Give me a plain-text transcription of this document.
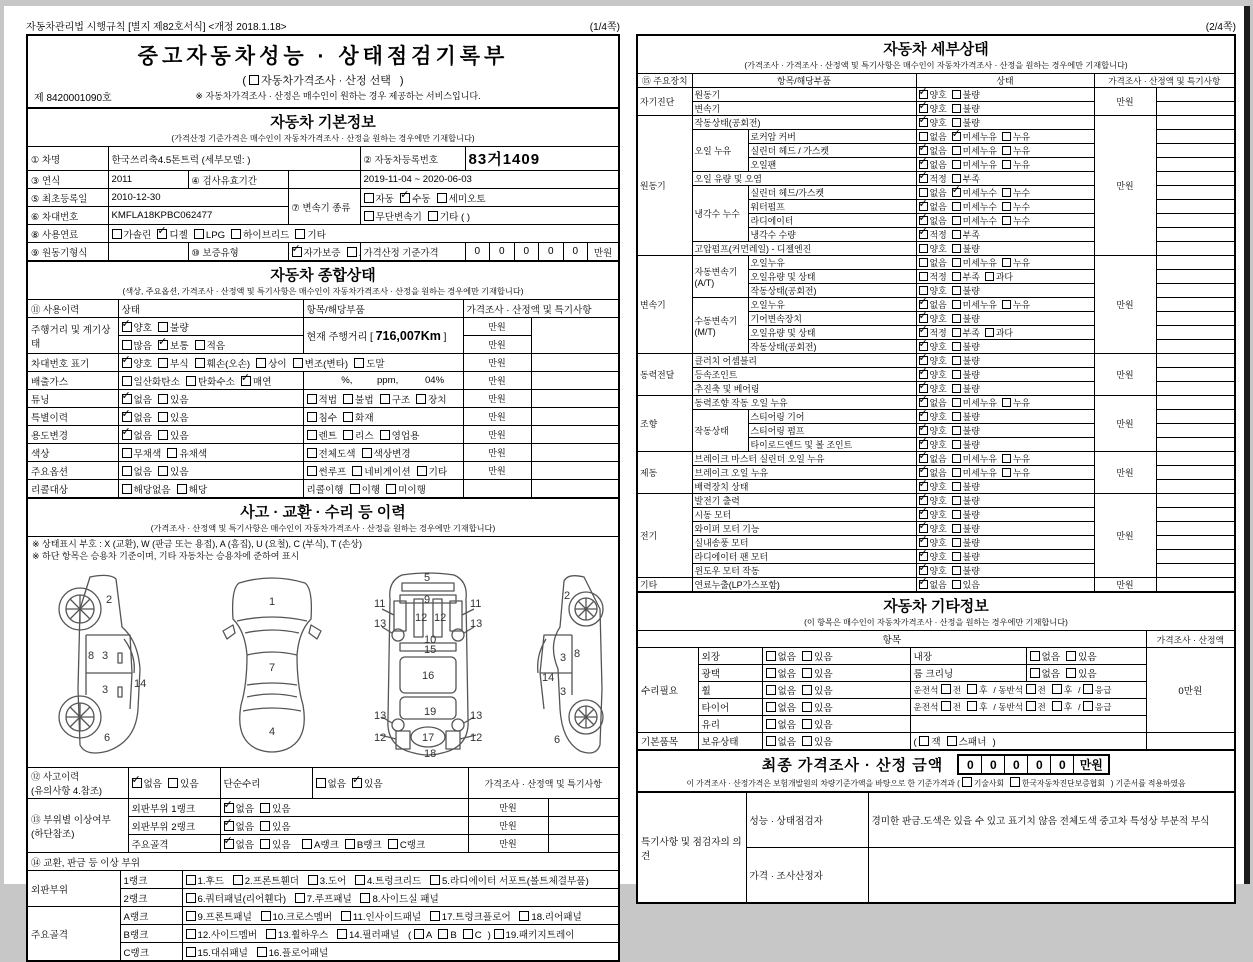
자동차관리법 시행규칙 [별지 제82호서식] <개정 2018.1.18>	(1/4쪽)
중고자동차성능 · 상태점검기록부
( 자동차가격조사 · 산정 선택 )
제 8420001090호	※ 자동차가격조사 · 산정은 매수인이 원하는 경우 제공하는 서비스입니다.
자동차 기본정보
(가격산정 기준가격은 매수인이 자동차가격조사 · 산정을 원하는 경우에만 기재합니다)
① 차명	한국쓰리축4.5톤트럭 (세부모델: )			② 자동차등록번호	83거1409
③ 연식	2011	④ 검사유효기간		2019-11-04 ~ 2020-06-03	
⑤ 최초등록일	2010-12-30		⑦ 변속기 종류	자동 ✓ 수동 세미오토
⑥ 차대번호	KMFLA18KPBC062477			무단변속기 기타 ( )	
⑧ 사용연료	가솔린 ✓ 디젤 LPG 하이브리드 기타
⑨ 원동기형식		⑩ 보증유형	✓자가보증	가격산정 기준가격	0	0	0	0	0	만원
자동차 종합상태
(색상, 주요옵션, 가격조사 · 산정액 및 특기사항은 매수인이 자동차가격조사 · 산정을 원하는 경우에만 기재합니다)
⑪ 사용이력	상태	항목/해당부품	가격조사 · 산정액 및 특기사항	
주행거리 및 계기상태	✓양호 불량	현재 주행거리 [ 716,007Km ]	만원	
	많음 ✓ 보통 적음		만원	
차대번호 표기	✓양호 부식 훼손(오손) 상이 변조(변타) 도말		만원	
배출가스	일산화탄소 탄화수소 ✓ 매연	%, ppm, 04%	만원	
튜닝	✓없음 있음	적법 불법 구조 장치	만원	
특별이력	✓없음 있음	침수 화재	만원	
용도변경	✓없음 있음	렌트 리스 영업용	만원	
색상	무채색 유채색	전체도색 색상변경	만원	
주요옵션	없음 있음	썬루프 네비게이션 기타	만원	
리콜대상	해당없음 해당	리콜이행 이행 미이행		
사고 · 교환 · 수리 등 이력
(가격조사 · 산정액 및 특기사항은 매수인이 자동차가격조사 · 산정을 원하는 경우에만 기재합니다)
※ 상태표시 부호 : X (교환), W (판금 또는 용접), A (흠집), U (요철), C (부식), T (손상)
※ 하단 항목은 승용차 기준이며, 기타 자동차는 승용차에 준하여 표시
2
8 3
14
3
6
1
7
4
5
11	9	11
13	12 12 13
10
15
16
13	19	13
12	17	12
18
2
3 8
14
3
6
⑫ 사고이력
(유의사항 4.참조)	✓없음 있음	단순수리	없음 ✓ 있음	가격조사 · 산정액 및 특기사항	
⑬ 부위별 이상여부 (하단참조)	외판부위 1랭크	✓없음 있음		만원	
	외판부위 2랭크	✓없음 있음		만원	
	주요골격	✓없음 있음 A랭크 B랭크 C랭크		만원	
⑭ 교환, 판금 등 이상 부위		
외판부위	1랭크	1.후드 2.프론트휀더 3.도어 4.트렁크리드 5.라디에이터 서포트(볼트체결부품)
	2랭크	6.쿼터패널(리어휀다) 7.루프패널 8.사이드실 패널
주요골격	A랭크	9.프론트패널 10.크로스멤버 11.인사이드패널 17.트렁크플로어 18.리어패널
	B랭크	12.사이드멤버 13.휠하우스 14.필러패널 ( A B C ) 19.패키지트레이
	C랭크	15.대쉬패널 16.플로어패널
(2/4쪽)
자동차 세부상태
(가격조사 · 가격조사 · 산정액 및 특기사항은 매수인이 자동차가격조사 · 산정을 원하는 경우에만 기재합니다)
⑮ 주요장치	항목/해당부품		상태	가격조사 · 산정액 및 특기사항	
자기진단	원동기	✓양호 불량	만원	
	변속기	✓양호 불량	
원동기	작동상태(공회전)	✓양호 불량	만원	
	오일 누유	로커암 커버	없음 ✓ 미세누유 누유	
		실린더 헤드 / 가스켓	✓없음 미세누유 누유	
		오일팬	✓없음 미세누유 누유	
	오일 유량 및 오염	✓적정 부족	
	냉각수 누수	실린더 헤드/가스켓	없음 ✓ 미세누수 누수	
		워터펌프	✓없음 미세누수 누수	
		라디에이터	✓없음 미세누수 누수	
		냉각수 수량	✓적정 부족	
	고압펌프(커먼레일) - 디젤엔진		양호 불량		
변속기	자동변속기 (A/T)	오일누유	없음 미세누유 누유	만원	
		오일유량 및 상태	적정 부족 과다		
		작동상태(공회전)	양호 불량		
	수동변속기 (M/T)	오일누유	✓없음 미세누유 누유	
		기어변속장치	✓양호 불량	
		오일유량 및 상태	✓적정 부족 과다	
		작동상태(공회전)	✓양호 불량	
동력전달	클러치 어셈블리	✓양호 불량	만원	
	등속조인트	✓양호 불량	
	추진축 및 베어링	✓양호 불량	
조향	동력조향 작동 오일 누유	✓없음 미세누유 누유	만원	
	작동상태	스티어링 기어	✓양호 불량	
		스티어링 펌프	✓양호 불량	
		타이로드엔드 및 볼 조인트	✓양호 불량	
제동	브레이크 마스터 실린더 오일 누유	✓없음 미세누유 누유	만원	
	브레이크 오일 누유	✓없음 미세누유 누유	
	배력장치 상태	✓양호 불량	
전기	발전기 출력	✓양호 불량	만원	
	시동 모터	✓양호 불량	
	와이퍼 모터 기능	✓양호 불량	
	실내송풍 모터	✓양호 불량	
	라디에이터 팬 모터	✓양호 불량	
	윈도우 모터 작동	✓양호 불량	
기타	연료누출(LP가스포함)	✓없음 있음	만원	
자동차 기타정보
(이 항목은 매수인이 자동차가격조사 · 산정을 원하는 경우에만 기재합니다)
항목					가격조사 · 산정액
수리필요	외장	없음 있음	내장	없음 있음	0만원
	광택	없음 있음	룸 크리닝	없음 있음	
	휠	없음 있음	운전석 전 후 / 동반석 전 후 / 응급		
	타이어	없음 있음	운전석 전 후 / 동반석 전 후 / 응급		
	유리	없음 있음			
기본품목	보유상태	없음 있음	( 잭 스패너 )		
최종 가격조사 · 산정 금액	0	0	0	0	0	만원
이 가격조사 · 산정가격은 보험개발원의 차량기준가액을 바탕으로 한 기준가격과 ( 기술사회 한국자동차진단보증협회 ) 기준서를 적용하였음
특기사항 및 점검자의 의견	성능 · 상태점검자	경미한 판금.도색은 있을 수 있고 표기치 않음 전체도색 중고차 특성상 부분적 부식
	가격 · 조사산정자	
